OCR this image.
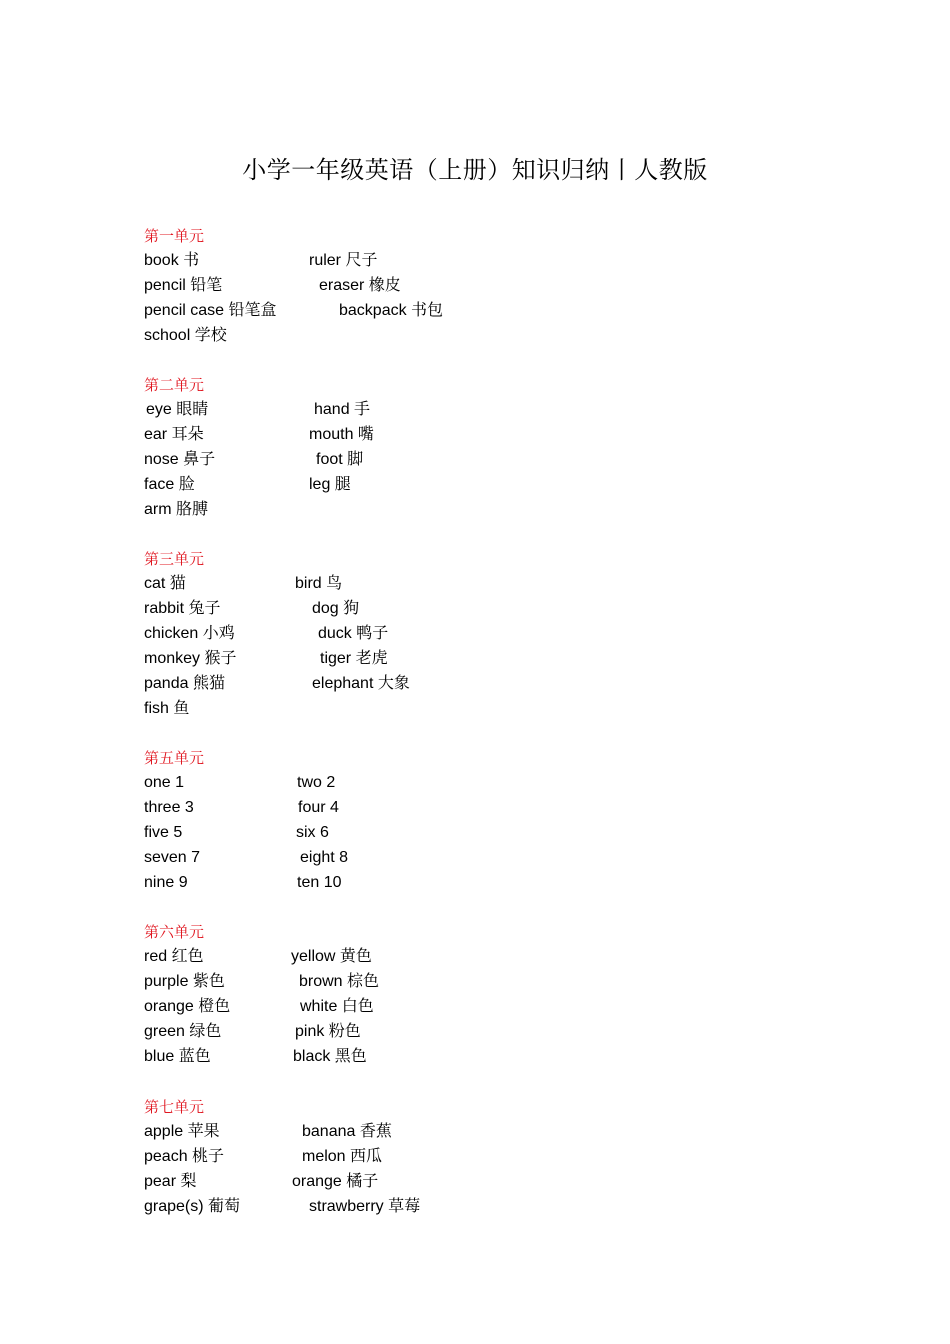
小学一年级英语（上册）知识归纳丨人教版
第一单元
book 书	ruler 尺子
pencil 铅笔	eraser 橡皮
pencil case 铅笔盒	backpack 书包
school 学校
第二单元
eye 眼睛	hand 手
ear 耳朵	mouth 嘴
nose 鼻子	foot 脚
face 脸	leg 腿
arm 胳膊
第三单元
cat 猫	bird 鸟
rabbit 兔子	dog 狗
chicken 小鸡	duck 鸭子
monkey 猴子	tiger 老虎
panda 熊猫	elephant 大象
fish 鱼
第五单元
one 1	two 2
three 3	four 4
five 5	six 6
seven 7	eight 8
nine 9	ten 10
第六单元
red 红色	yellow 黄色
purple 紫色	brown 棕色
orange 橙色	white 白色
green 绿色	pink 粉色
blue 蓝色	black 黑色
第七单元
apple 苹果	banana 香蕉
peach 桃子	melon 西瓜
pear 梨	orange 橘子
grape(s) 葡萄	strawberry 草莓
